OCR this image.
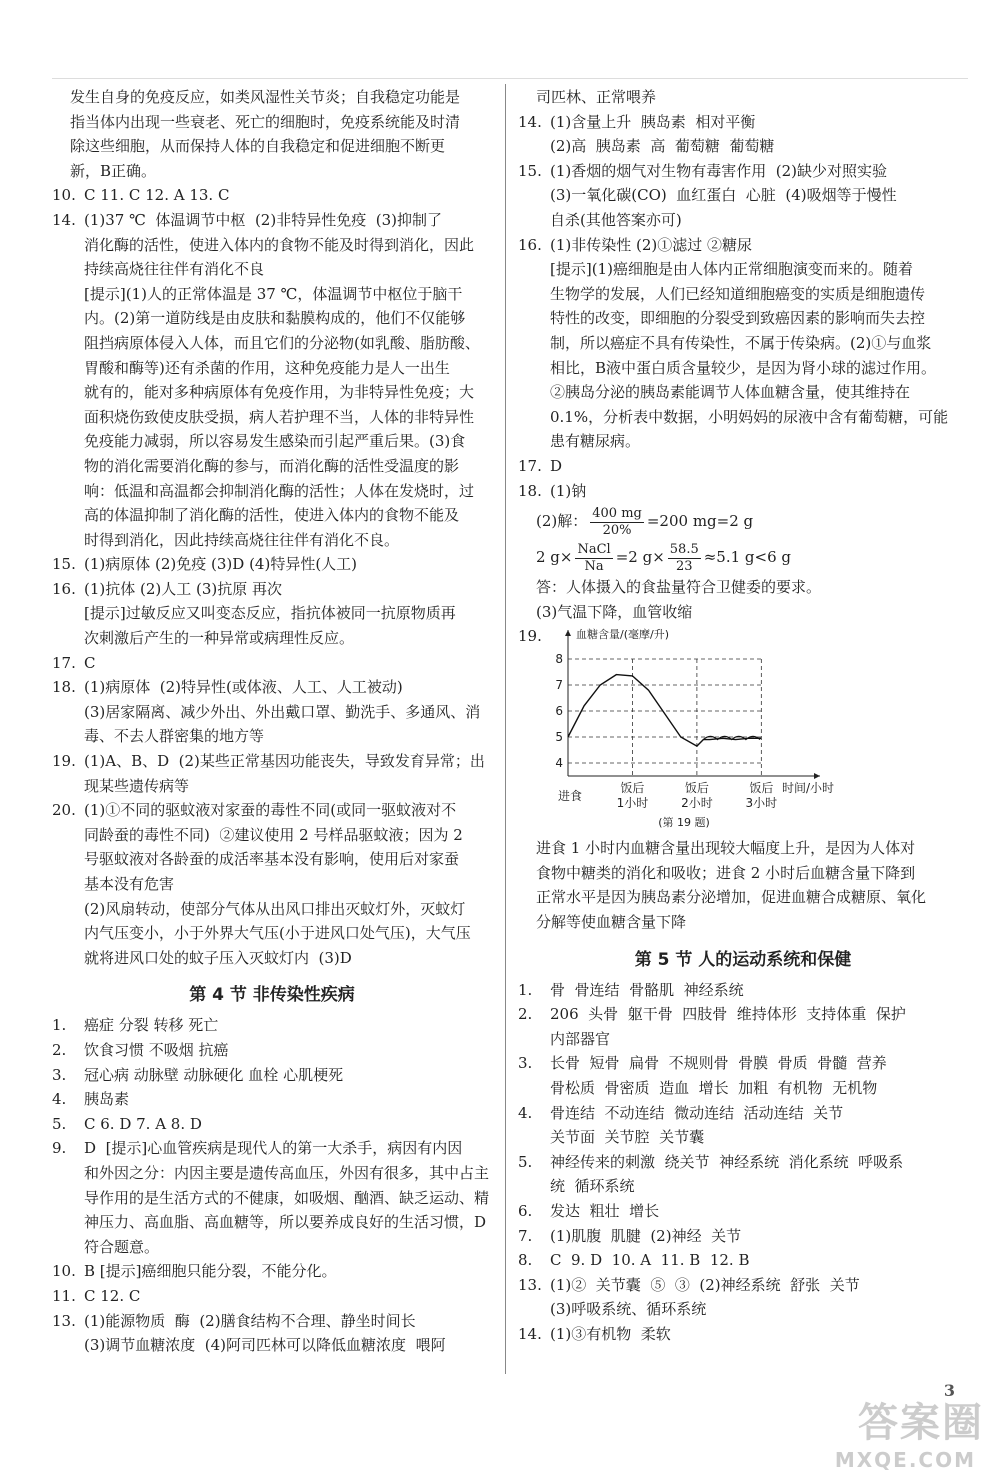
发生自身的免疫反应，如类风湿性关节炎；自我稳定功能是
指当体内出现一些衰老、死亡的细胞时，免疫系统能及时清
除这些细胞，从而保持人体的自我稳定和促进细胞不断更
新，B正确。
10. C 11. C 12. A 13. C
14. (1)37 ℃  体温调节中枢  (2)非特异性免疫  (3)抑制了
消化酶的活性，使进入体内的食物不能及时得到消化，因此
持续高烧往往伴有消化不良
[提示](1)人的正常体温是 37 ℃，体温调节中枢位于脑干
内。(2)第一道防线是由皮肤和黏膜构成的，他们不仅能够
阻挡病原体侵入人体，而且它们的分泌物(如乳酸、脂肪酸、
胃酸和酶等)还有杀菌的作用，这种免疫能力是人一出生
就有的，能对多种病原体有免疫作用，为非特异性免疫；大
面积烧伤致使皮肤受损，病人若护理不当，人体的非特异性
免疫能力减弱，所以容易发生感染而引起严重后果。(3)食
物的消化需要消化酶的参与，而消化酶的活性受温度的影
响：低温和高温都会抑制消化酶的活性；人体在发烧时，过
高的体温抑制了消化酶的活性，使进入体内的食物不能及
时得到消化，因此持续高烧往往伴有消化不良。
15. (1)病原体 (2)免疫 (3)D (4)特异性(人工)
16. (1)抗体 (2)人工 (3)抗原 再次
[提示]过敏反应又叫变态反应，指抗体被同一抗原物质再
次刺激后产生的一种异常或病理性反应。
17. C
18. (1)病原体  (2)特异性(或体液、人工、人工被动)
(3)居家隔离、减少外出、外出戴口罩、勤洗手、多通风、消
毒、不去人群密集的地方等
19. (1)A、B、D  (2)某些正常基因功能丧失，导致发育异常；出
现某些遗传病等
20. (1)①不同的驱蚊液对家蚕的毒性不同(或同一驱蚊液对不
同龄蚕的毒性不同)  ②建议使用 2 号样品驱蚊液；因为 2
号驱蚊液对各龄蚕的成活率基本没有影响，使用后对家蚕
基本没有危害
(2)风扇转动，使部分气体从出风口排出灭蚊灯外，灭蚊灯
内气压变小，小于外界大气压(小于进风口处气压)，大气压
就将进风口处的蚊子压入灭蚊灯内  (3)D
第 4 节 非传染性疾病
1. 癌症 分裂 转移 死亡
2. 饮食习惯 不吸烟 抗癌
3. 冠心病 动脉壁 动脉硬化 血栓 心肌梗死
4. 胰岛素
5. C 6. D 7. A 8. D
9. D  [提示]心血管疾病是现代人的第一大杀手，病因有内因
和外因之分：内因主要是遗传高血压，外因有很多，其中占主
导作用的是生活方式的不健康，如吸烟、酗酒、缺乏运动、精
神压力、高血脂、高血糖等，所以要养成良好的生活习惯，D
符合题意。
10. B [提示]癌细胞只能分裂，不能分化。
11. C 12. C
13. (1)能源物质  酶  (2)膳食结构不合理、静坐时间长
(3)调节血糖浓度  (4)阿司匹林可以降低血糖浓度  喂阿
司匹林、正常喂养
14. (1)含量上升  胰岛素  相对平衡
(2)高  胰岛素  高  葡萄糖  葡萄糖
15. (1)香烟的烟气对生物有毒害作用  (2)缺少对照实验
(3)一氧化碳(CO)  血红蛋白  心脏  (4)吸烟等于慢性
自杀(其他答案亦可)
16. (1)非传染性 (2)①滤过 ②糖尿
[提示](1)癌细胞是由人体内正常细胞演变而来的。随着
生物学的发展，人们已经知道细胞癌变的实质是细胞遗传
特性的改变，即细胞的分裂受到致癌因素的影响而失去控
制，所以癌症不具有传染性，不属于传染病。(2)①与血浆
相比，B液中蛋白质含量较少，是因为肾小球的滤过作用。
②胰岛分泌的胰岛素能调节人体血糖含量，使其维持在
0.1%，分析表中数据，小明妈妈的尿液中含有葡萄糖，可能
患有糖尿病。
17. D
18. (1)钠
(2)解： $\frac{400 mg}{20\%} =200$ mg=2 g
2 $g\times \frac{\text{NaCl}}{Na} =2$ $g\times \frac{58.5}{23} \approx 5.1$ g<6 g
答：人体摄入的食盐量符合卫健委的要求。
(3)气温下降，血管收缩
19.
4
5
6
7
8
饭后
1小时
饭后
2小时
饭后
3小时
进食
时间/小时
血糖含量/(毫摩/升)
(第 19 题)
进食 1 小时内血糖含量出现较大幅度上升，是因为人体对
食物中糖类的消化和吸收；进食 2 小时后血糖含量下降到
正常水平是因为胰岛素分泌增加，促进血糖合成糖原、氧化
分解等使血糖含量下降
第 5 节 人的运动系统和保健
1. 骨  骨连结  骨骼肌  神经系统
2. 206  头骨  躯干骨  四肢骨  维持体形  支持体重  保护
内部器官
3. 长骨  短骨  扁骨  不规则骨  骨膜  骨质  骨髓  营养
骨松质  骨密质  造血  增长  加粗  有机物  无机物
4. 骨连结  不动连结  微动连结  活动连结  关节
关节面  关节腔  关节囊
5. 神经传来的刺激  绕关节  神经系统  消化系统  呼吸系
统  循环系统
6. 发达  粗壮  增长
7. (1)肌腹  肌腱  (2)神经  关节
8. C  9. D  10. A  11. B  12. B
13. (1)②  关节囊  ⑤  ③  (2)神经系统  舒张  关节
(3)呼吸系统、循环系统
14. (1)③有机物  柔软
3
答案圈
MXQE.COM
